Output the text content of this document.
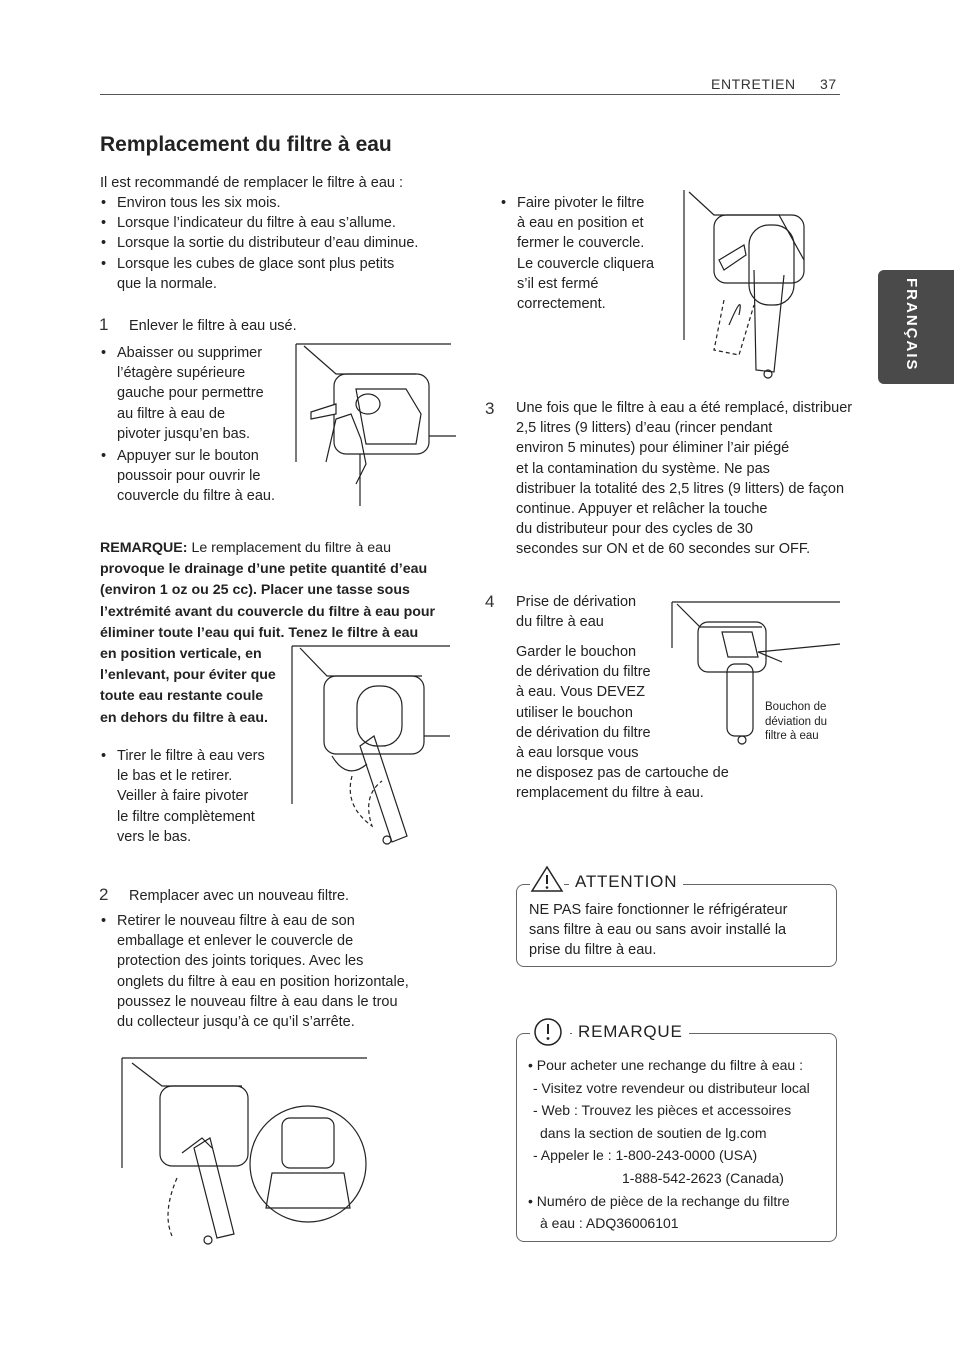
ENTRETIEN 37
FRANÇAIS
Remplacement du filtre à eau
Il est recommandé de remplacer le filtre à eau :
• Environ tous les six mois.
• Lorsque l’indicateur du filtre à eau s’allume.
• Lorsque la sortie du distributeur d’eau diminue.
• Lorsque les cubes de glace sont plus petits
que la normale.
1 Enlever le filtre à eau usé.
• Abaisser ou supprimer
l’étagère supérieure
gauche pour permettre
au filtre à eau de
pivoter jusqu’en bas.
• Appuyer sur le bouton
poussoir pour ouvrir le
couvercle du filtre à eau.
REMARQUE: Le remplacement du filtre à eau
provoque le drainage d’une petite quantité d’eau
(environ 1 oz ou 25 cc). Placer une tasse sous
l’extrémité avant du couvercle du filtre à eau pour
éliminer toute l’eau qui fuit. Tenez le filtre à eau
en position verticale, en
l’enlevant, pour éviter que
toute eau restante coule
en dehors du filtre à eau.
• Tirer le filtre à eau vers
le bas et le retirer.
Veiller à faire pivoter
le filtre complètement
vers le bas.
2 Remplacer avec un nouveau filtre.
• Retirer le nouveau filtre à eau de son
emballage et enlever le couvercle de
protection des joints toriques. Avec les
onglets du filtre à eau en position horizontale,
poussez le nouveau filtre à eau dans le trou
du collecteur jusqu’à ce qu’il s’arrête.
• Faire pivoter le filtre
à eau en position et
fermer le couvercle.
Le couvercle cliquera
s’il est fermé
correctement.
3 Une fois que le filtre à eau a été remplacé, distribuer
2,5 litres (9 litters) d’eau (rincer pendant
environ 5 minutes) pour éliminer l’air piégé
et la contamination du système. Ne pas
distribuer la totalité des 2,5 litres (9 litters) de façon
continue. Appuyer et relâcher la touche
du distributeur pour des cycles de 30
secondes sur ON et de 60 secondes sur OFF.
4 Prise de dérivation
du filtre à eau
Garder le bouchon
de dérivation du filtre
à eau. Vous DEVEZ
utiliser le bouchon
de dérivation du filtre
à eau lorsque vous
ne disposez pas de cartouche de
remplacement du filtre à eau.
Bouchon de
déviation du
filtre à eau
ATTENTION
NE PAS faire fonctionner le réfrigérateur
sans filtre à eau ou sans avoir installé la
prise du filtre à eau.
REMARQUE
• Pour acheter une rechange du filtre à eau :
- Visitez votre revendeur ou distributeur local
- Web : Trouvez les pièces et accessoires
dans la section de soutien de lg.com
- Appeler le : 1-800-243-0000 (USA)
1-888-542-2623 (Canada)
• Numéro de pièce de la rechange du filtre
à eau : ADQ36006101
